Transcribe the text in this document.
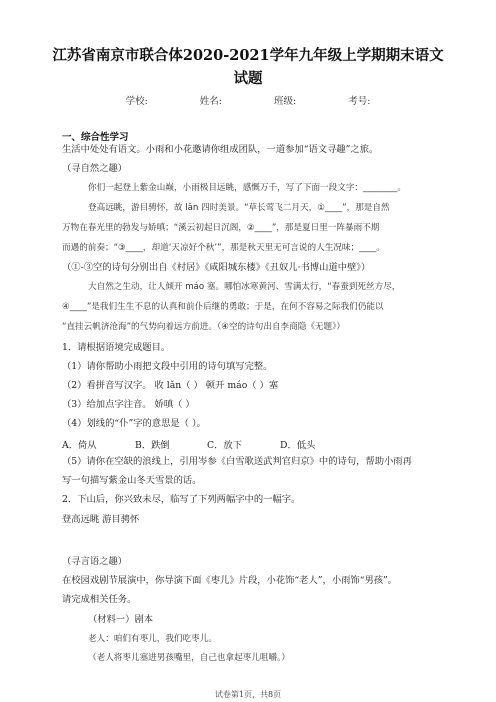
江苏省南京市联合体2020-2021学年九年级上学期期末语文
试题
学校:	姓名:	班级:	考号:
一、综合性学习
生活中处处有语文。小雨和小花邀请你组成团队，一道参加“语文寻趣”之旅。
（寻自然之趣）
你们一起登上紫金山巅，小雨极目远眺，感慨万千，写了下面一段文字：________。
登高远眺，游目骋怀，故 lǎn 四时美景。“草长莺飞二月天，①____”，那是自然
万物在春光里的勃发与娇嗔；“溪云初起日沉阁，②____”，那是夏日里一阵暴雨不期
而遇的前奏；“③____，却道‘天凉好个秋’”，那是秋天里无可言说的人生况味；____。
（①-③空的诗句分别出自《村居》《咸阳城东楼》《丑奴儿·书博山道中壁》）
大自然之生动，让人倾开 máo 塞。哪怕冰寒黄河、雪满太行，“春蚕到死丝方尽，
④____”是我们生生不息的认真和前仆后继的勇敢；于是，在何不容易之际我们仍能以
“直挂云帆济沧海”的气势向着远方前进。（④空的诗句出自李商隐《无题》）
1．请根据语境完成题目。
（1）请你帮助小雨把文段中引用的诗句填写完整。
（2）看拼音写汉字。 收 lǎn（ ） 顿开 máo（ ）塞
（3）给加点字注音。 娇嗔（ ）
（4）划线的“仆”字的意思是（ ）。
A．倚从	B．跌倒	C．放下	D．低头
（5）请你在空缺的浪线上，引用岑参《白雪歌送武判官归京》中的诗句，帮助小雨再
写一句描写紫金山冬天雪景的话。
2．下山后，你兴致未尽，临写了下列两幅字中的一幅字。
登高远眺 游目骋怀
（寻言语之趣）
在校园戏剧节展演中，你导演下面《枣儿》片段，小花饰“老人”，小雨饰“男孩”。
请完成相关任务。
（材料一）剧本
老人：咱们有枣儿，我们吃枣儿。
（老人将枣儿塞进男孩嘴里，自己也拿起枣儿咀嚼。）
试卷第1页，共8页
